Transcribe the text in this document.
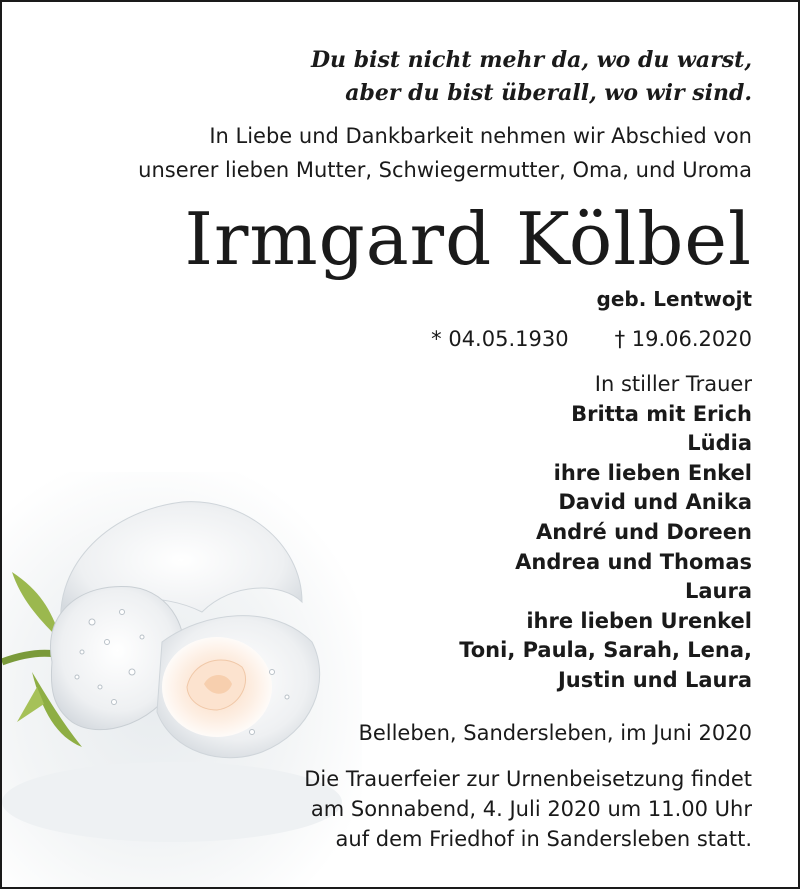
Du bist nicht mehr da, wo du warst,
aber du bist überall, wo wir sind.
In Liebe und Dankbarkeit nehmen wir Abschied von
unserer lieben Mutter, Schwiegermutter, Oma, und Uroma
Irmgard Kölbel
geb. Lentwojt
* 04.05.1930 † 19.06.2020
In stiller Trauer
Britta mit Erich
Lüdia
ihre lieben Enkel
David und Anika
André und Doreen
Andrea und Thomas
Laura
ihre lieben Urenkel
Toni, Paula, Sarah, Lena,
Justin und Laura
Belleben, Sandersleben, im Juni 2020
Die Trauerfeier zur Urnenbeisetzung findet
am Sonnabend, 4. Juli 2020 um 11.00 Uhr
auf dem Friedhof in Sandersleben statt.
